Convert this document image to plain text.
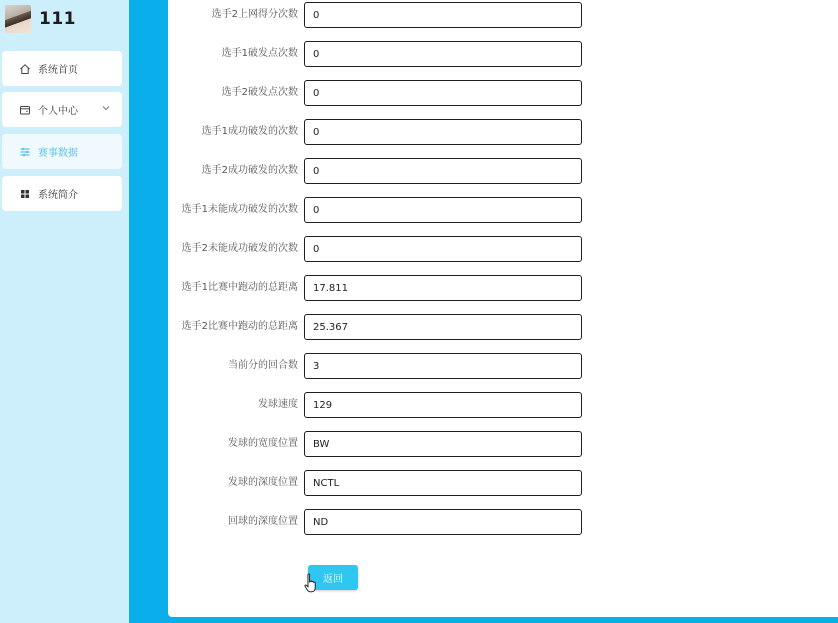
111
系统首页
个人中心
赛事数据
系统简介
选手2上网得分次数
0
选手1破发点次数
0
选手2破发点次数
0
选手1成功破发的次数
0
选手2成功破发的次数
0
选手1未能成功破发的次数
0
选手2未能成功破发的次数
0
选手1比赛中跑动的总距离
17.811
选手2比赛中跑动的总距离
25.367
当前分的回合数
3
发球速度
129
发球的宽度位置
BW
发球的深度位置
NCTL
回球的深度位置
ND
返回
